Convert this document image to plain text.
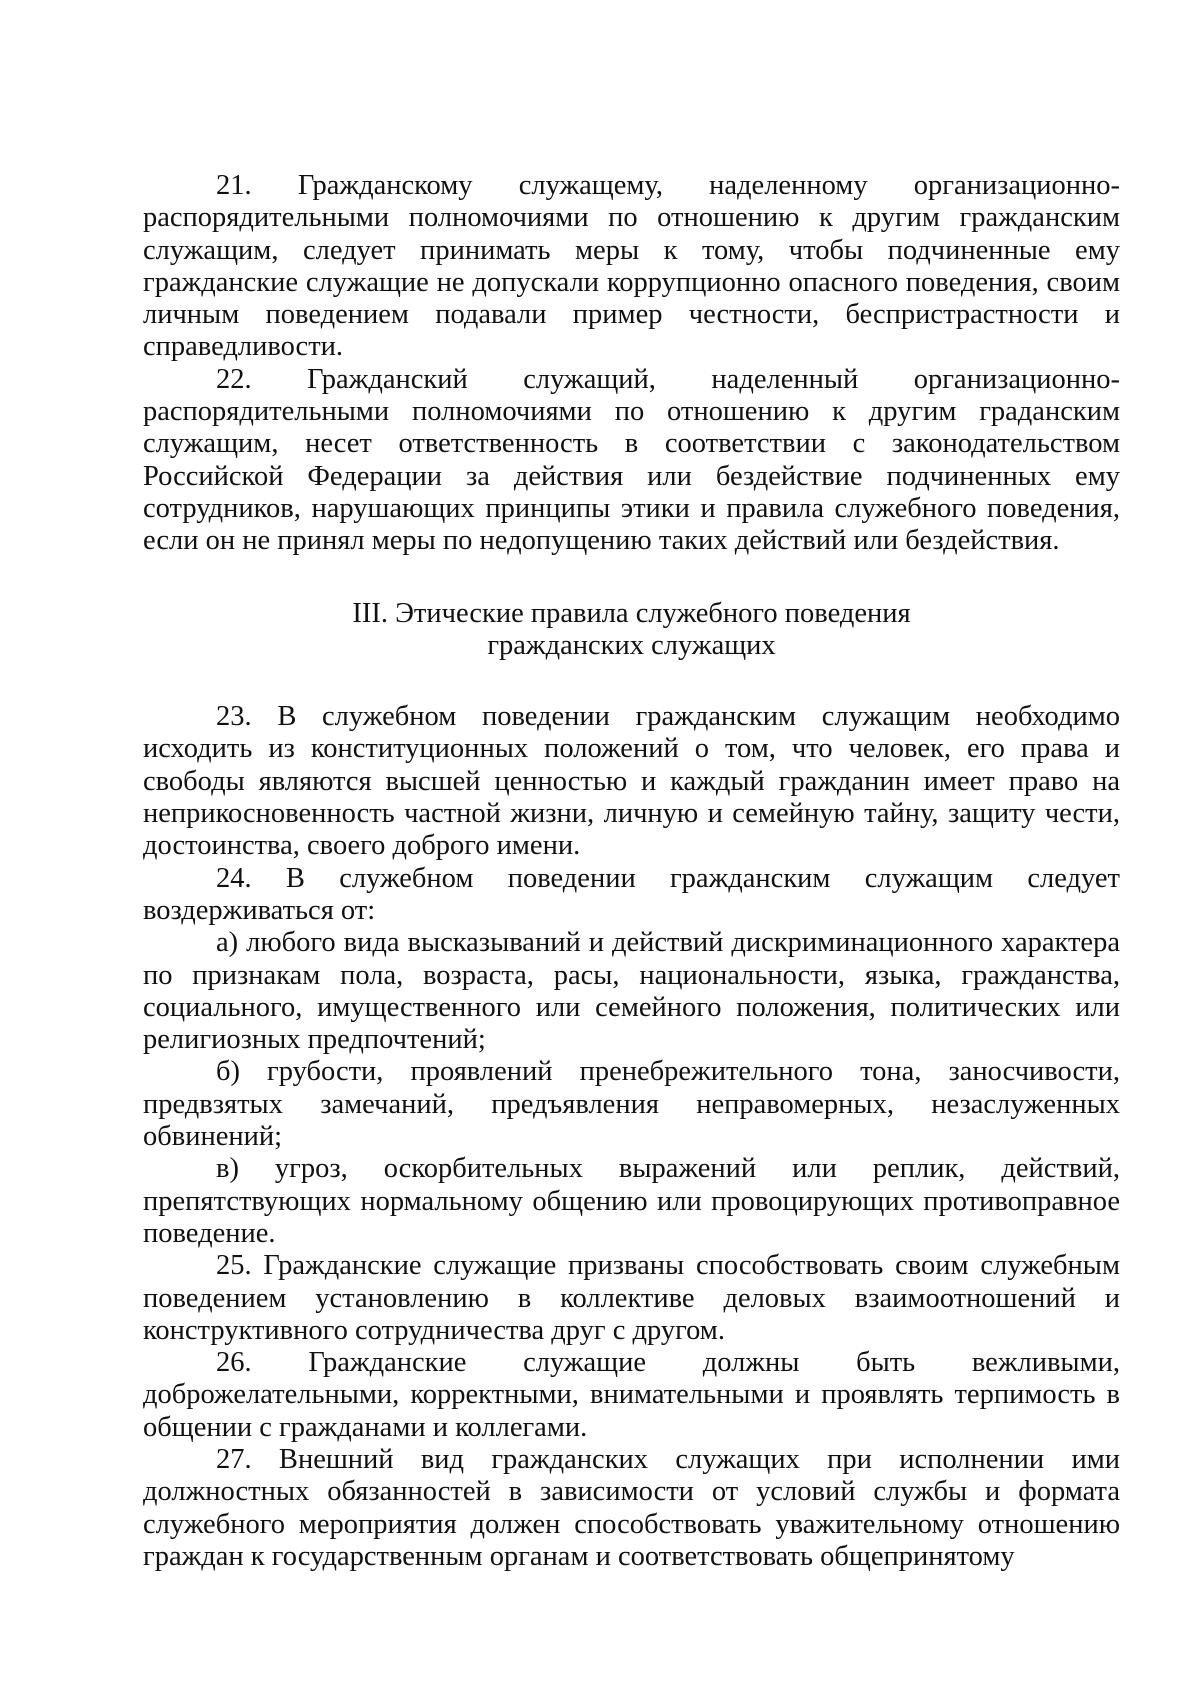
21. Гражданскому служащему, наделенному организационно-распорядительными полномочиями по отношению к другим гражданским служащим, следует принимать меры к тому, чтобы подчиненные ему гражданские служащие не допускали коррупционно опасного поведения, своим личным поведением подавали пример честности, беспристрастности и справедливости.

22. Гражданский служащий, наделенный организационно-распорядительными полномочиями по отношению к другим граданским служащим, несет ответственность в соответствии с законодательством Российской Федерации за действия или бездействие подчиненных ему сотрудников, нарушающих принципы этики и правила служебного поведения, если он не принял меры по недопущению таких действий или бездействия.

III. Этические правила служебного поведения
гражданских служащих

23. В служебном поведении гражданским служащим необходимо исходить из конституционных положений о том, что человек, его права и свободы являются высшей ценностью и каждый гражданин имеет право на неприкосновенность частной жизни, личную и семейную тайну, защиту чести, достоинства, своего доброго имени.

24. В служебном поведении гражданским служащим следует воздерживаться от:

а) любого вида высказываний и действий дискриминационного характера по признакам пола, возраста, расы, национальности, языка, гражданства, социального, имущественного или семейного положения, политических или религиозных предпочтений;

б) грубости, проявлений пренебрежительного тона, заносчивости, предвзятых замечаний, предъявления неправомерных, незаслуженных обвинений;

в) угроз, оскорбительных выражений или реплик, действий, препятствующих нормальному общению или провоцирующих противоправное поведение.

25. Гражданские служащие призваны способствовать своим служебным поведением установлению в коллективе деловых взаимоотношений и конструктивного сотрудничества друг с другом.

26. Гражданские служащие должны быть вежливыми, доброжелательными, корректными, внимательными и проявлять терпимость в общении с гражданами и коллегами.

27. Внешний вид гражданских служащих при исполнении ими должностных обязанностей в зависимости от условий службы и формата служебного мероприятия должен способствовать уважительному отношению граждан к государственным органам и соответствовать общепринятому
